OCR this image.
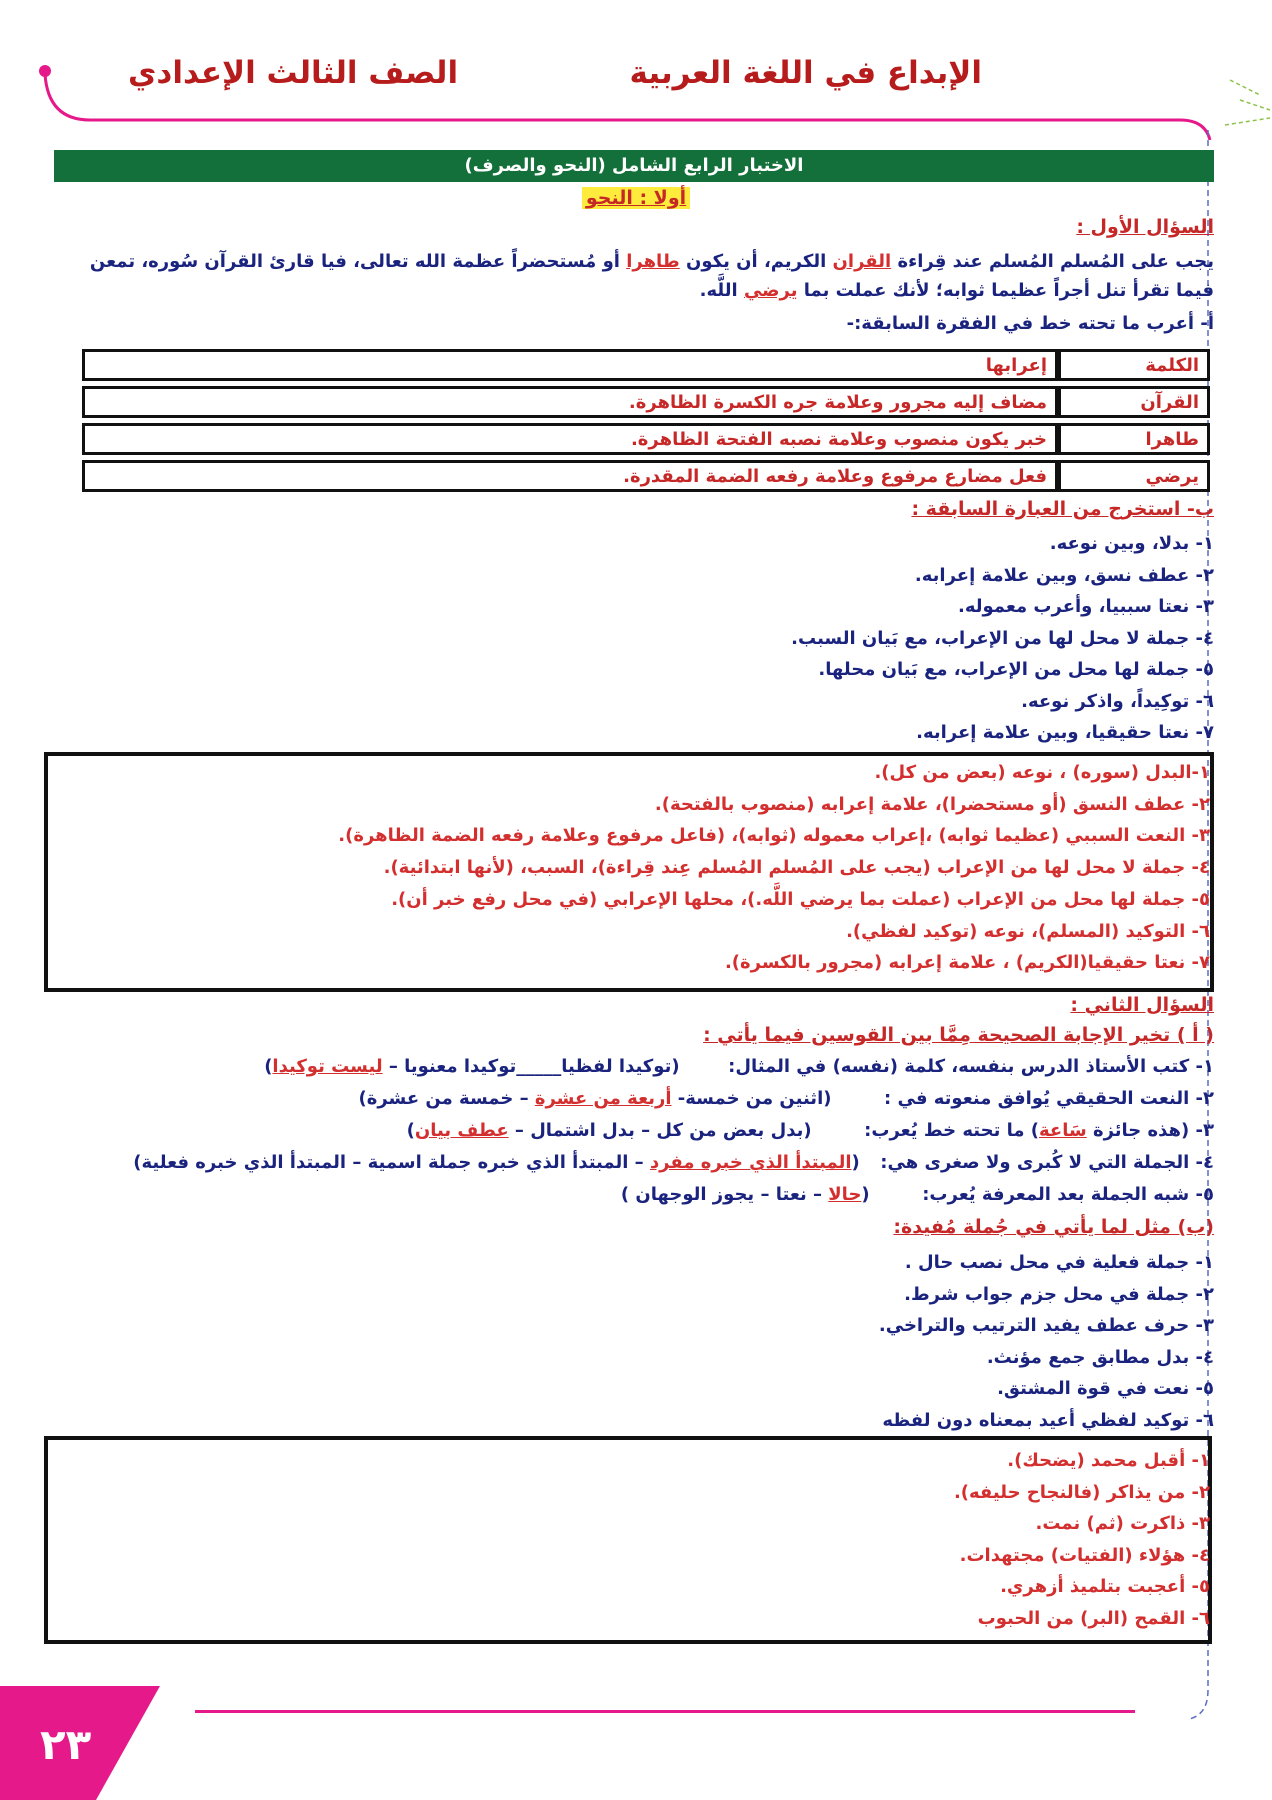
الإبداع في اللغة العربية
الصف الثالث الإعدادي
الاختبار الرابع الشامل (النحو والصرف)
أولا : النحو
السؤال الأول :
يجب على المُسلم المُسلم عند قِراءة القران الكريم، أن يكون طاهرا أو مُستحضراً عظمة الله تعالى، فيا قارئ القرآن سُوره، تمعن
فيما تقرأ تنل أجراً عظيما ثوابه؛ لأنك عملت بما يرضي اللَّه.
أ- أعرب ما تحته خط في الفقرة السابقة:-
الكلمة	إعرابها
القرآن	مضاف إليه مجرور وعلامة جره الكسرة الظاهرة.
طاهرا	خبر يكون منصوب وعلامة نصبه الفتحة الظاهرة.
يرضي	فعل مضارع مرفوع وعلامة رفعه الضمة المقدرة.
ب- استخرج من العبارة السابقة :
١- بدلا، وبين نوعه.
٢- عطف نسق، وبين علامة إعرابه.
٣- نعتا سببيا، وأعرب معموله.
٤- جملة لا محل لها من الإعراب، مع بَيان السبب.
٥- جملة لها محل من الإعراب، مع بَيان محلها.
٦- توكِيداً، واذكر نوعه.
٧- نعتا حقيقيا، وبين علامة إعرابه.
١-البدل (سوره) ، نوعه (بعض من كل).
٢- عطف النسق (أو مستحضرا)، علامة إعرابه (منصوب بالفتحة).
٣- النعت السببي (عظيما ثوابه) ،إعراب معموله (ثوابه)، (فاعل مرفوع وعلامة رفعه الضمة الظاهرة).
٤- جملة لا محل لها من الإعراب (يجب على المُسلم المُسلم عِند قِراءة)، السبب، (لأنها ابتدائية).
٥- جملة لها محل من الإعراب (عملت بما يرضي اللَّه.)، محلها الإعرابي (في محل رفع خبر أن).
٦- التوكيد (المسلم)، نوعه (توكيد لفظي).
٧- نعتا حقيقيا(الكريم) ، علامة إعرابه (مجرور بالكسرة).
السؤال الثاني :
( أ ) تخير الإجابة الصحيحة مِمَّا بين القوسين فيما يأتي :
١- كتب الأستاذ الدرس بنفسه، كلمة (نفسه) في المثال:  (توكيدا لفظيا_____توكيدا معنويا – ليست توكيدا)
٢- النعت الحقيقي يُوافق منعوته في :  (اثنين من خمسة- أربعة من عشرة – خمسة من عشرة)
٣- (هذه جائزة سَاعة) ما تحته خط يُعرب:  (بدل بعض من كل – بدل اشتمال – عطف بيان)
٤- الجملة التي لا كُبرى ولا صغرى هي:  (المبتدأ الذي خبره مفرد – المبتدأ الذي خبره جملة اسمية – المبتدأ الذي خبره فعلية)
٥- شبه الجملة بعد المعرفة يُعرب:  (حالا – نعتا – يجوز الوجهان )
(ب) مثل لما يأتي في جُملة مُفيدة:
١- جملة فعلية في محل نصب حال .
٢- جملة في محل جزم جواب شرط.
٣- حرف عطف يفيد الترتيب والتراخي.
٤- بدل مطابق جمع مؤنث.
٥- نعت في قوة المشتق.
٦- توكيد لفظي أعيد بمعناه دون لفظه
١- أقبل محمد (يضحك).
٢- من يذاكر (فالنجاح حليفه).
٣- ذاكرت (ثم) نمت.
٤- هؤلاء (الفتيات) مجتهدات.
٥- أعجبت بتلميذ أزهري.
٦- القمح (البر) من الحبوب
٢٣
